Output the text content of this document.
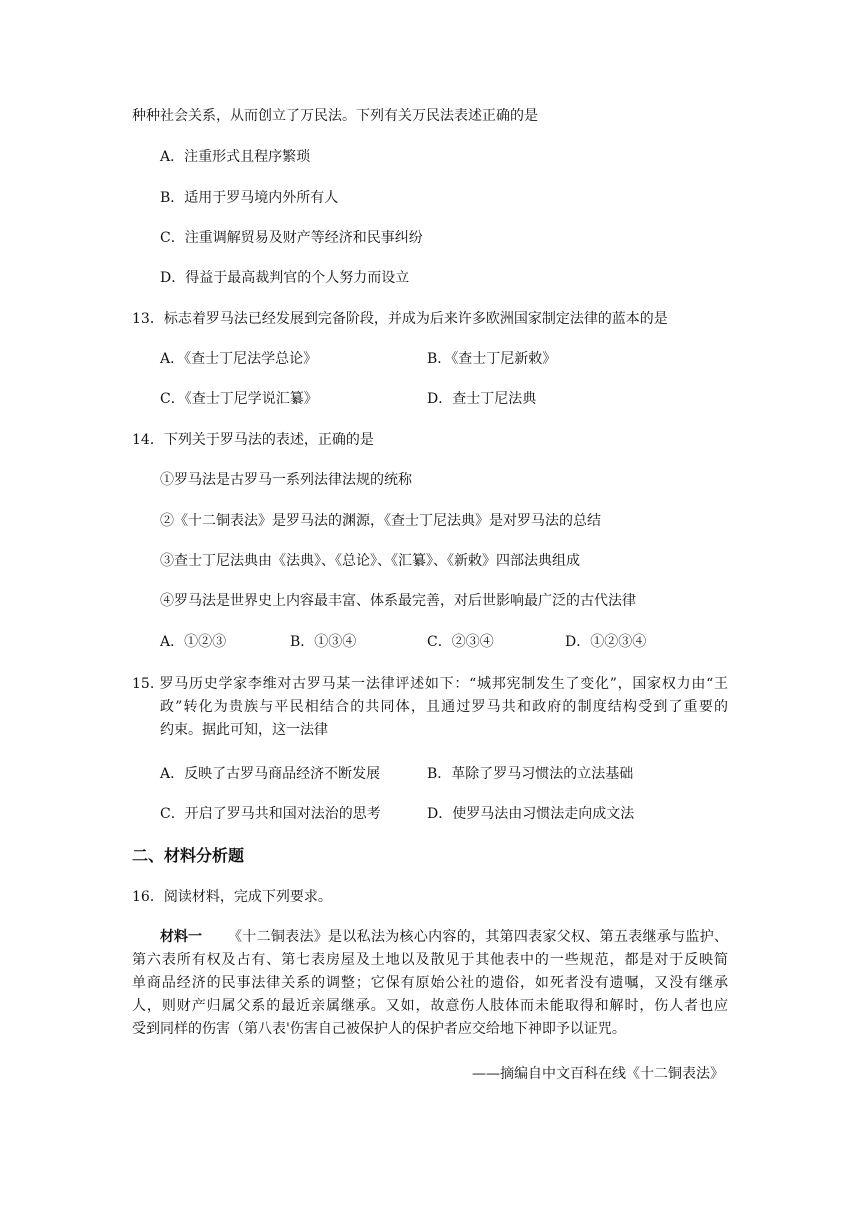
种种社会关系，从而创立了万民法。下列有关万民法表述正确的是
A．注重形式且程序繁琐
B．适用于罗马境内外所有人
C．注重调解贸易及财产等经济和民事纠纷
D．得益于最高裁判官的个人努力而设立
13．标志着罗马法已经发展到完备阶段，并成为后来许多欧洲国家制定法律的蓝本的是
A．《查士丁尼法学总论》	B．《查士丁尼新敕》
C．《查士丁尼学说汇纂》	D．查士丁尼法典
14．下列关于罗马法的表述，正确的是
①罗马法是古罗马一系列法律法规的统称
②《十二铜表法》是罗马法的渊源，《查士丁尼法典》是对罗马法的总结
③查士丁尼法典由《法典》、《总论》、《汇纂》、《新敕》四部法典组成
④罗马法是世界史上内容最丰富、体系最完善，对后世影响最广泛的古代法律
A．①②③	B．①③④	C．②③④	D．①②③④
15. 罗马历史学家李维对古罗马某一法律评述如下：“城邦宪制发生了变化”，国家权力由“王
政”转化为贵族与平民相结合的共同体，且通过罗马共和政府的制度结构受到了重要的
约束。据此可知，这一法律
A．反映了古罗马商品经济不断发展	B．革除了罗马习惯法的立法基础
C．开启了罗马共和国对法治的思考	D．使罗马法由习惯法走向成文法
二、材料分析题
16．阅读材料，完成下列要求。
材料一 《十二铜表法》是以私法为核心内容的，其第四表家父权、第五表继承与监护、
第六表所有权及占有、第七表房屋及土地以及散见于其他表中的一些规范，都是对于反映简
单商品经济的民事法律关系的调整；它保有原始公社的遗俗，如死者没有遗嘱，又没有继承
人，则财产归属父系的最近亲属继承。又如，故意伤人肢体而未能取得和解时，伤人者也应
受到同样的伤害（第八表'伤害自己被保护人的保护者应交给地下神即予以证咒。
——摘编自中文百科在线《十二铜表法》
